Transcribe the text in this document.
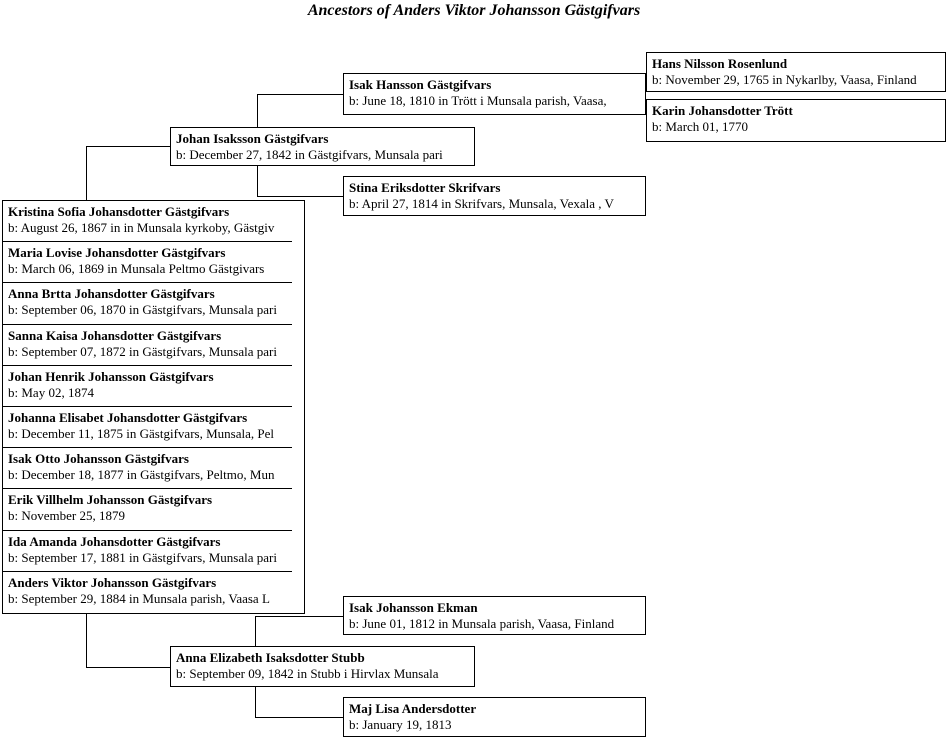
Ancestors of Anders Viktor Johansson Gästgifvars
Kristina Sofia Johansdotter Gästgifvars
b: August 26, 1867 in in Munsala kyrkoby, Gästgiv
Maria Lovise Johansdotter Gästgifvars
b: March 06, 1869 in Munsala Peltmo Gästgivars
Anna Brtta Johansdotter Gästgifvars
b: September 06, 1870 in Gästgifvars, Munsala pari
Sanna Kaisa Johansdotter Gästgifvars
b: September 07, 1872 in Gästgifvars, Munsala pari
Johan Henrik Johansson Gästgifvars
b: May 02, 1874
Johanna Elisabet Johansdotter Gästgifvars
b: December 11, 1875 in Gästgifvars, Munsala, Pel
Isak Otto Johansson Gästgifvars
b: December 18, 1877 in Gästgifvars, Peltmo, Mun
Erik Villhelm Johansson Gästgifvars
b: November 25, 1879
Ida Amanda Johansdotter Gästgifvars
b: September 17, 1881 in Gästgifvars, Munsala pari
Anders Viktor Johansson Gästgifvars
b: September 29, 1884 in Munsala parish, Vaasa L
Johan Isaksson Gästgifvars
b: December 27, 1842 in Gästgifvars, Munsala pari
Anna Elizabeth Isaksdotter Stubb
b: September 09, 1842 in Stubb i Hirvlax Munsala
Isak Hansson Gästgifvars
b: June 18, 1810 in Trött i Munsala parish, Vaasa,
Stina Eriksdotter Skrifvars
b: April 27, 1814 in Skrifvars, Munsala, Vexala , V
Isak Johansson Ekman
b: June 01, 1812 in Munsala parish, Vaasa, Finland
Maj Lisa Andersdotter
b: January 19, 1813
Hans Nilsson Rosenlund
b: November 29, 1765 in Nykarlby, Vaasa, Finland
Karin Johansdotter Trött
b: March 01, 1770
